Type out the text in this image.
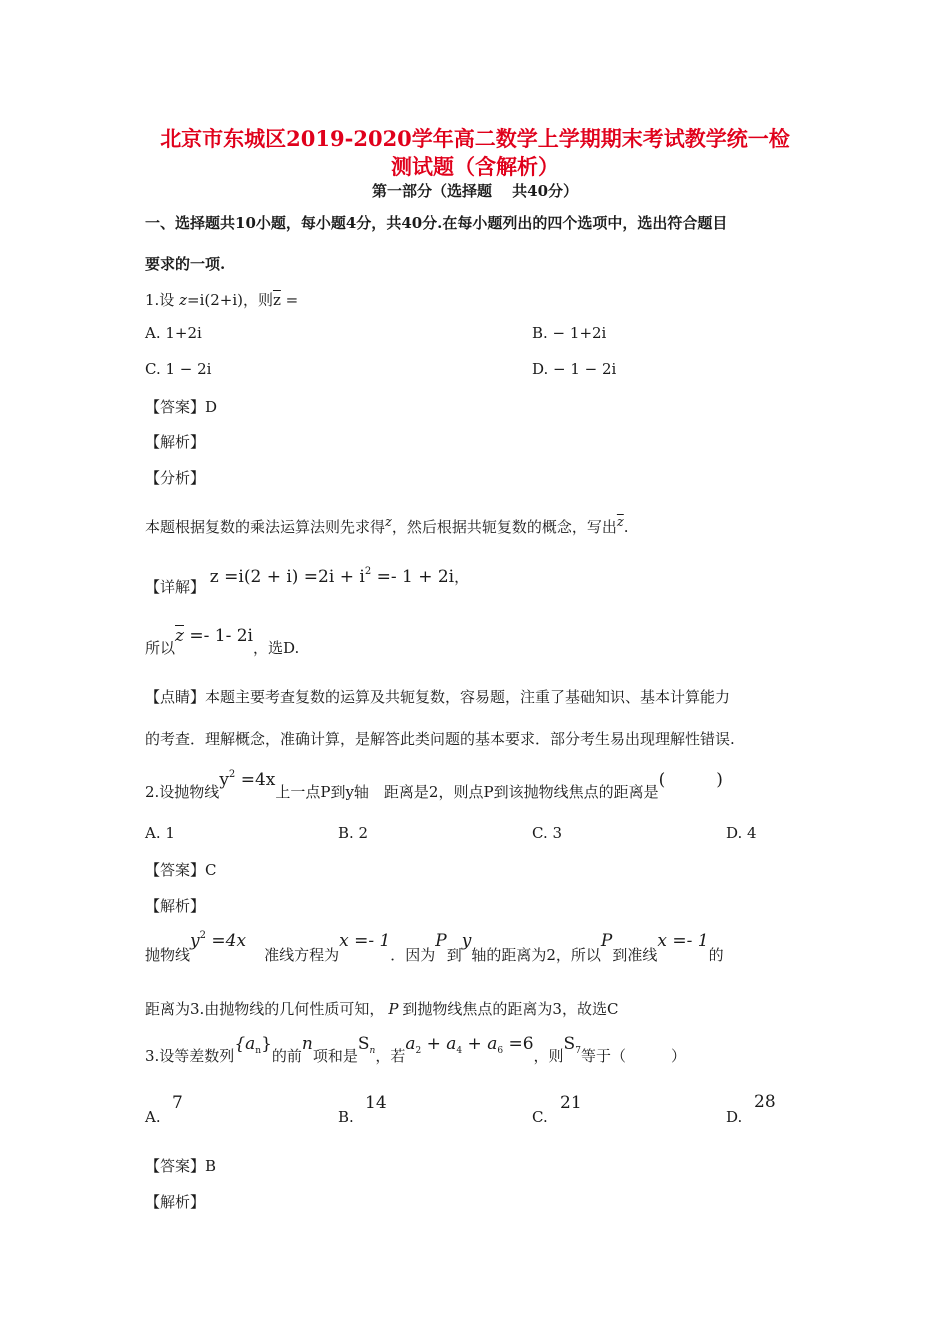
北京市东城区2019-2020学年高二数学上学期期末考试教学统一检
测试题（含解析）
第一部分（选择题　 共40分）
一、选择题共10小题，每小题4分，共40分.在每小题列出的四个选项中，选出符合题目
要求的一项.
1.设 z=i(2+i)，则$\overline{z}$ =
A. 1+2i	B. − 1+2i
C. 1 − 2i	D. − 1 − 2i
【答案】D
【解析】
【分析】
本题根据复数的乘法运算法则先求得z，然后根据共轭复数的概念，写出$\overline{z}$.
【详解】 $z =i(2 + i) =2i + i^2 =- 1 + 2i$，
所以$\overline{z} =- 1-$ 2i，选D.
【点睛】本题主要考查复数的运算及共轭复数，容易题，注重了基础知识、基本计算能力
的考查．理解概念，准确计算，是解答此类问题的基本要求．部分考生易出现理解性错误.
2.设抛物线$y^2 =4x$上一点P到y轴　距离是2，则点P到该抛物线焦点的距离是(　　　)
A. 1	B. 2	C. 3	D. 4
【答案】C
【解析】
抛物线$y^2 =4x$准线方程为x =- 1．因为P到y轴的距离为2，所以P到准线x =- 1的
距离为3.由抛物线的几何性质可知， P 到抛物线焦点的距离为3，故选C
3.设等差数列$\{a_n\}$的前n项和是$S_n$，若$a_2 + a_4 + a_6 =6$，则$S_7$等于（　　　）
A.
7
B.
14
C.
21
D.
28
【答案】B
【解析】
